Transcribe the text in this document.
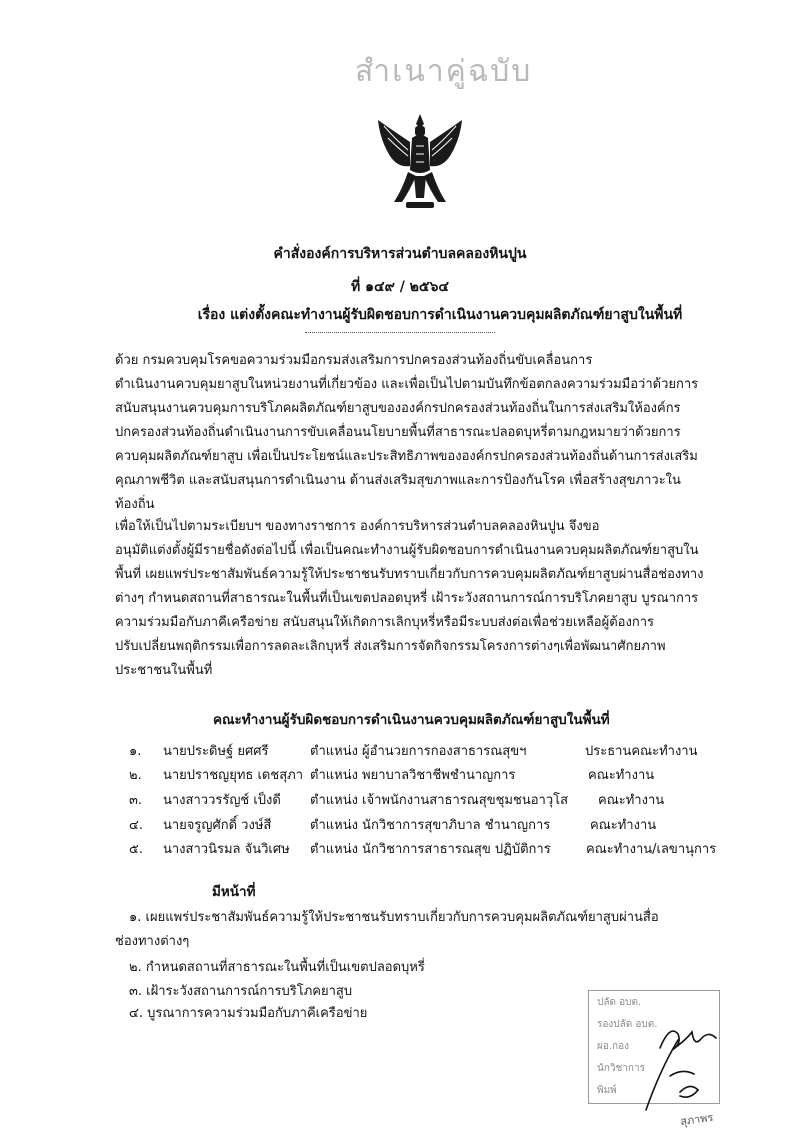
สำเนาคู่ฉบับ
คำสั่งองค์การบริหารส่วนตำบลคลองหินปูน
ที่ ๑๔๙ / ๒๕๖๔
เรื่อง แต่งตั้งคณะทำงานผู้รับผิดชอบการดำเนินงานควบคุมผลิตภัณฑ์ยาสูบในพื้นที่
ด้วย กรมควบคุมโรคขอความร่วมมือกรมส่งเสริมการปกครองส่วนท้องถิ่นขับเคลื่อนการ
ดำเนินงานควบคุมยาสูบในหน่วยงานที่เกี่ยวข้อง และเพื่อเป็นไปตามบันทึกข้อตกลงความร่วมมือว่าด้วยการ
สนับสนุนงานควบคุมการบริโภคผลิตภัณฑ์ยาสูบขององค์กรปกครองส่วนท้องถิ่นในการส่งเสริมให้องค์กร
ปกครองส่วนท้องถิ่นดำเนินงานการขับเคลื่อนนโยบายพื้นที่สาธารณะปลอดบุหรี่ตามกฎหมายว่าด้วยการ
ควบคุมผลิตภัณฑ์ยาสูบ เพื่อเป็นประโยชน์และประสิทธิภาพขององค์กรปกครองส่วนท้องถิ่นด้านการส่งเสริม
คุณภาพชีวิต และสนับสนุนการดำเนินงาน ด้านส่งเสริมสุขภาพและการป้องกันโรค เพื่อสร้างสุขภาวะใน
ท้องถิ่น
เพื่อให้เป็นไปตามระเบียบฯ ของทางราชการ องค์การบริหารส่วนตำบลคลองหินปูน จึงขอ
อนุมัติแต่งตั้งผู้มีรายชื่อดังต่อไปนี้ เพื่อเป็นคณะทำงานผู้รับผิดชอบการดำเนินงานควบคุมผลิตภัณฑ์ยาสูบใน
พื้นที่ เผยแพร่ประชาสัมพันธ์ความรู้ให้ประชาชนรับทราบเกี่ยวกับการควบคุมผลิตภัณฑ์ยาสูบผ่านสื่อช่องทาง
ต่างๆ กำหนดสถานที่สาธารณะในพื้นที่เป็นเขตปลอดบุหรี่ เฝ้าระวังสถานการณ์การบริโภคยาสูบ บูรณาการ
ความร่วมมือกับภาคีเครือข่าย สนับสนุนให้เกิดการเลิกบุหรี่หรือมีระบบส่งต่อเพื่อช่วยเหลือผู้ต้องการ
ปรับเปลี่ยนพฤติกรรมเพื่อการลดละเลิกบุหรี่ ส่งเสริมการจัดกิจกรรมโครงการต่างๆเพื่อพัฒนาศักยภาพ
ประชาชนในพื้นที่
คณะทำงานผู้รับผิดชอบการดำเนินงานควบคุมผลิตภัณฑ์ยาสูบในพื้นที่
๑. นายประดิษฐ์ ยศศรี	ตำแหน่ง ผู้อำนวยการกองสาธารณสุขฯ	ประธานคณะทำงาน
๒. นายปราชญยุทธ เดชสุภา ตำแหน่ง พยาบาลวิชาชีพชำนาญการ	คณะทำงาน
๓. นางสาววรรัญช์ เป็งดี ตำแหน่ง เจ้าพนักงานสาธารณสุขชุมชนอาวุโส คณะทำงาน
๔. นายจรูญศักดิ์ วงษ์สี	ตำแหน่ง นักวิชาการสุขาภิบาล ชำนาญการ	คณะทำงาน
๕. นางสาวนิรมล จันวิเศษ ตำแหน่ง นักวิชาการสาธารณสุข ปฏิบัติการ	คณะทำงาน/เลขานุการ
มีหน้าที่
๑. เผยแพร่ประชาสัมพันธ์ความรู้ให้ประชาชนรับทราบเกี่ยวกับการควบคุมผลิตภัณฑ์ยาสูบผ่านสื่อ
ช่องทางต่างๆ
๒. กำหนดสถานที่สาธารณะในพื้นที่เป็นเขตปลอดบุหรี่
๓. เฝ้าระวังสถานการณ์การบริโภคยาสูบ
๔. บูรณาการความร่วมมือกับภาคีเครือข่าย
ปลัด อบต.
รองปลัด อบต.
ผอ.กอง
นักวิชาการ
พิมพ์
สุภาพร
